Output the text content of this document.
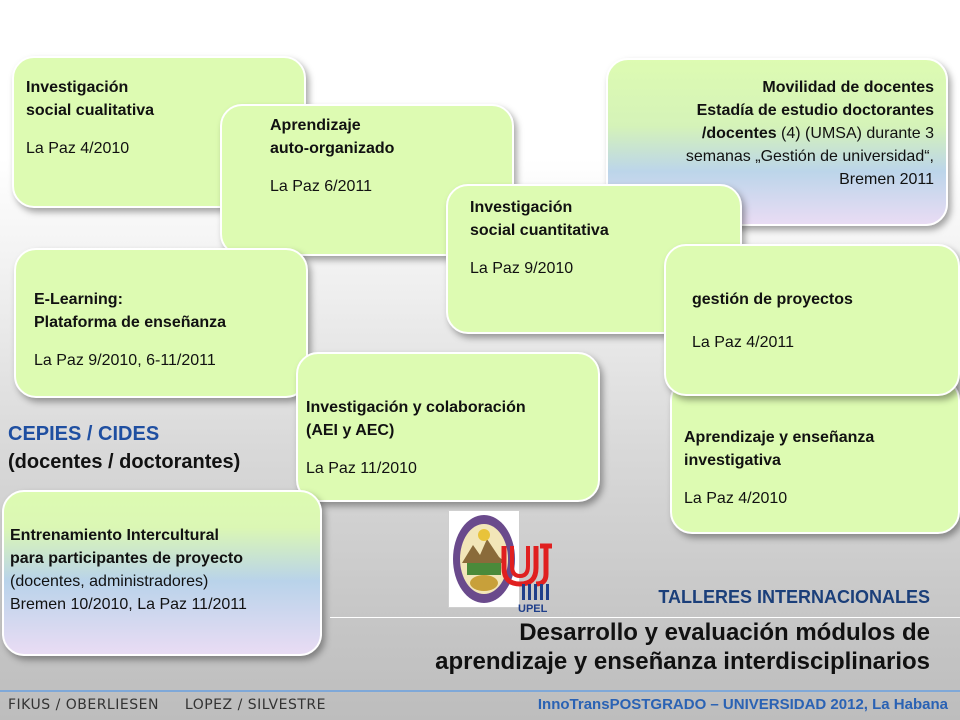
Investigación
social cualitativa
La Paz 4/2010
Movilidad de docentes
Estadía de estudio doctorantes
/docentes (4) (UMSA) durante 3
semanas „Gestión de universidad“,
Bremen 2011
Aprendizaje
auto-organizado
La Paz 6/2011
Investigación
social cuantitativa
La Paz 9/2010
E-Learning:
Plataforma de enseñanza
La Paz 9/2010, 6-11/2011
Aprendizaje y enseñanza
investigativa
La Paz 4/2010
gestión de proyectos
La Paz 4/2011
Investigación y colaboración
(AEI y AEC)
La Paz 11/2010
CEPIES / CIDES
(docentes / doctorantes)
Entrenamiento Intercultural
para participantes de proyecto
(docentes, administradores)
Bremen 10/2010, La Paz 11/2011	UPEL
TALLERES INTERNACIONALES
Desarrollo y evaluación módulos de
aprendizaje y enseñanza interdisciplinarios
FIKUS / OBERLIESEN LOPEZ / SILVESTRE	InnoTransPOSTGRADO – UNIVERSIDAD 2012, La Habana
